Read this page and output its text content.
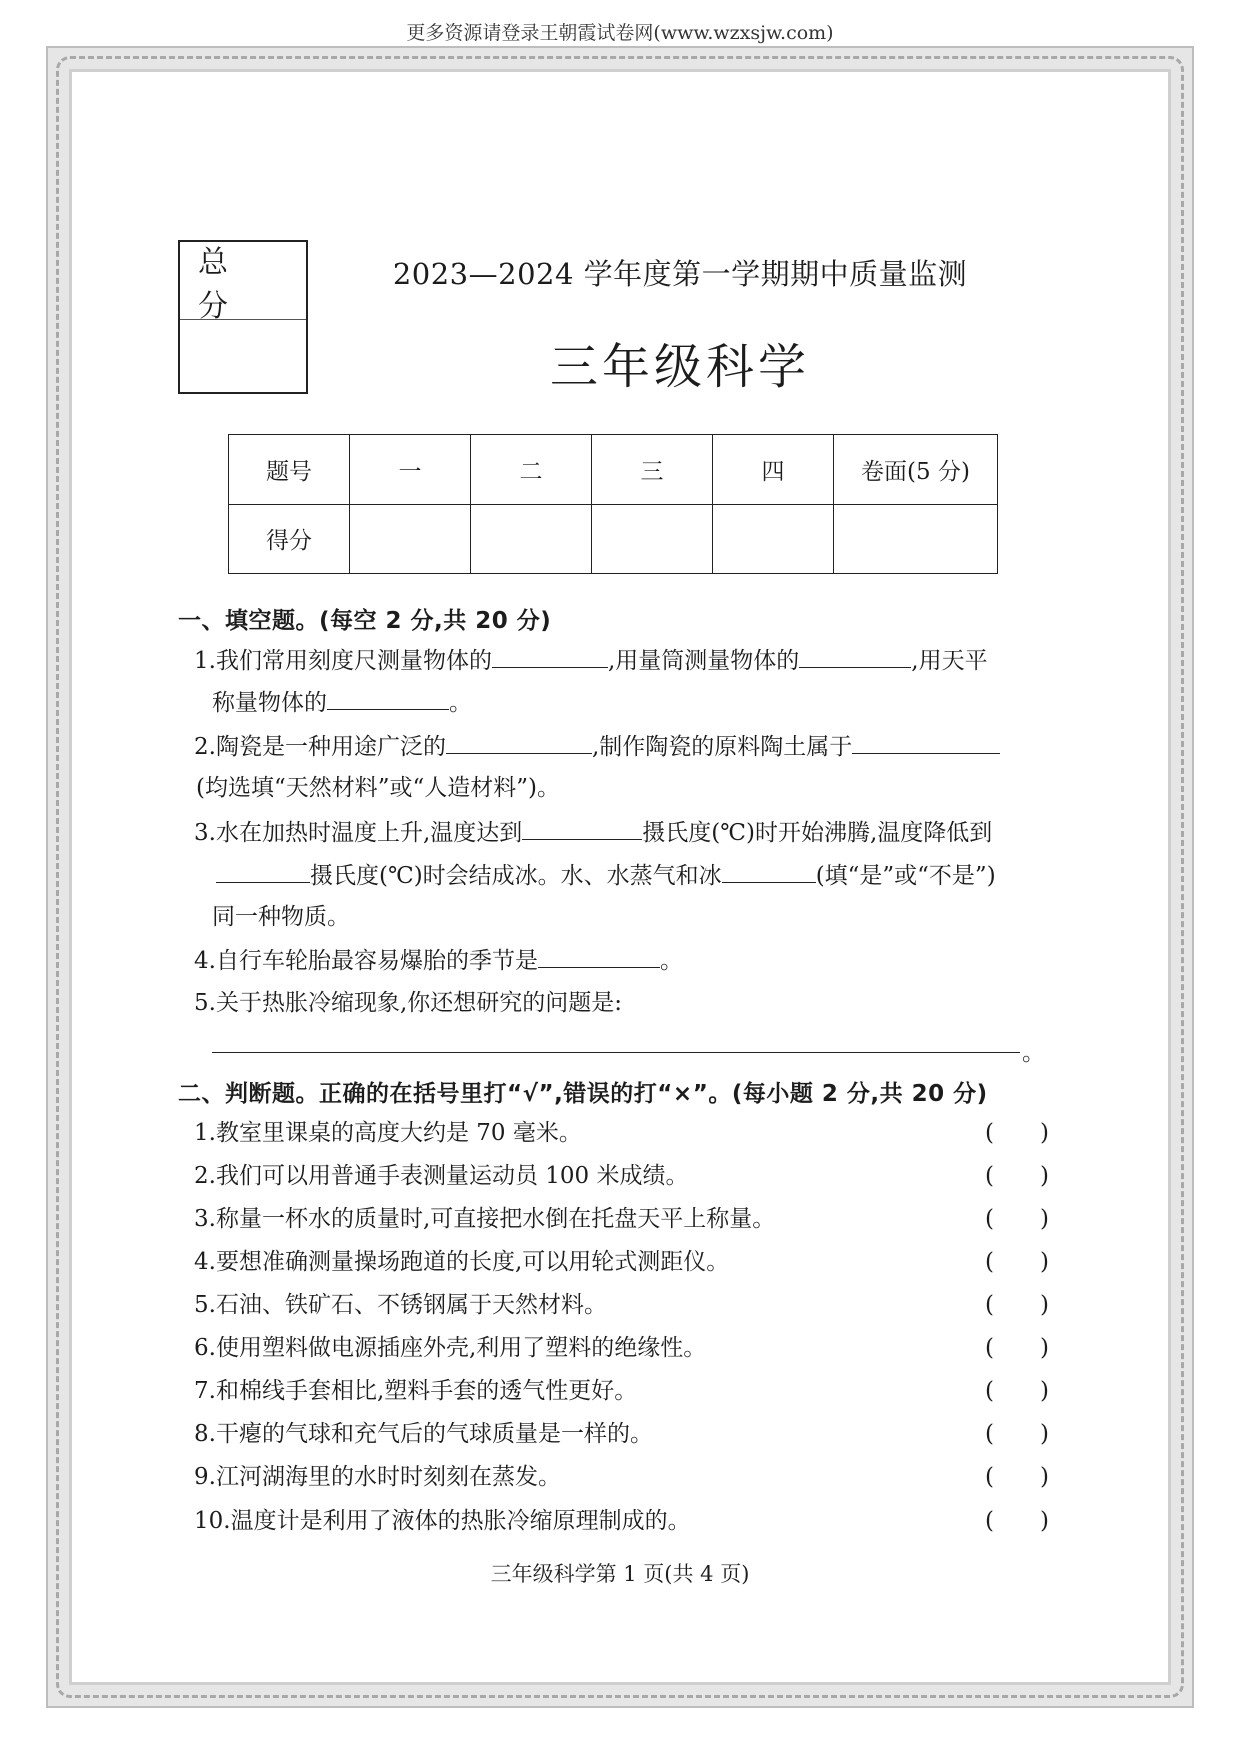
更多资源请登录王朝霞试卷网(www.wzxsjw.com)
总 分
2023—2024 学年度第一学期期中质量监测
三年级科学
题号	一	二	三	四	卷面(5 分)
得分					
一、填空题。(每空 2 分,共 20 分)
1.我们常用刻度尺测量物体的	,用量筒测量物体的	,用天平
称量物体的	。
2.陶瓷是一种用途广泛的	,制作陶瓷的原料陶土属于
(均选填“天然材料”或“人造材料”)。
3.水在加热时温度上升,温度达到	摄氏度(℃)时开始沸腾,温度降低到
摄氏度(℃)时会结成冰。水、水蒸气和冰	(填“是”或“不是”)
同一种物质。
4.自行车轮胎最容易爆胎的季节是	。
5.关于热胀冷缩现象,你还想研究的问题是:
。
二、判断题。正确的在括号里打“√”,错误的打“×”。(每小题 2 分,共 20 分)
1.教室里课桌的高度大约是 70 毫米。	(　　)
2.我们可以用普通手表测量运动员 100 米成绩。	(　　)
3.称量一杯水的质量时,可直接把水倒在托盘天平上称量。	(　　)
4.要想准确测量操场跑道的长度,可以用轮式测距仪。	(　　)
5.石油、铁矿石、不锈钢属于天然材料。	(　　)
6.使用塑料做电源插座外壳,利用了塑料的绝缘性。	(　　)
7.和棉线手套相比,塑料手套的透气性更好。	(　　)
8.干瘪的气球和充气后的气球质量是一样的。	(　　)
9.江河湖海里的水时时刻刻在蒸发。	(　　)
10.温度计是利用了液体的热胀冷缩原理制成的。	(　　)
三年级科学第 1 页(共 4 页)
